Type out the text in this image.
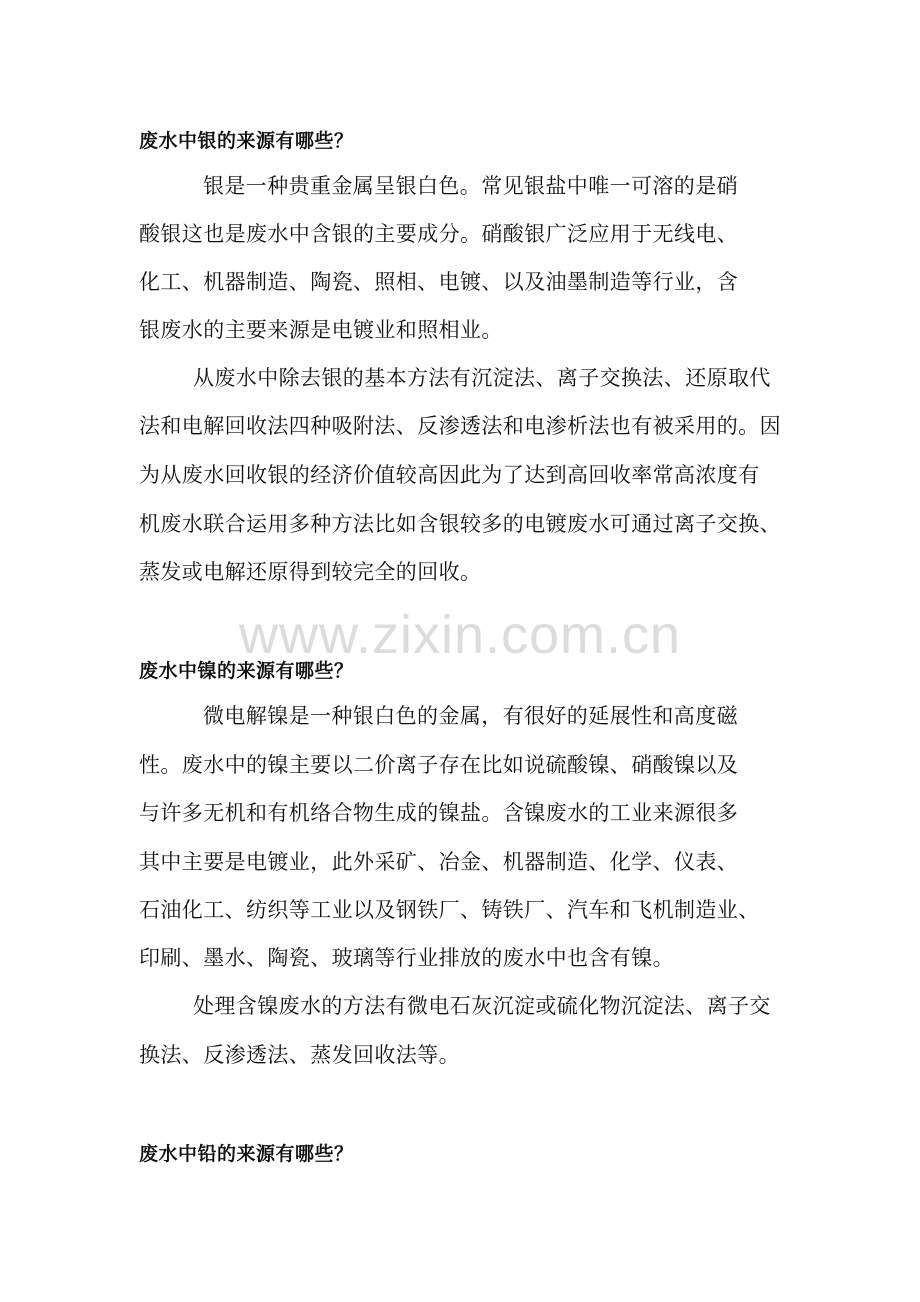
www.zixin.com.cn
废水中银的来源有哪些？
银是一种贵重金属呈银白色。常见银盐中唯一可溶的是硝
酸银这也是废水中含银的主要成分。硝酸银广泛应用于无线电、
化工、机器制造、陶瓷、照相、电镀、以及油墨制造等行业，含
银废水的主要来源是电镀业和照相业。
从废水中除去银的基本方法有沉淀法、离子交换法、还原取代
法和电解回收法四种吸附法、反渗透法和电渗析法也有被采用的。因
为从废水回收银的经济价值较高因此为了达到高回收率常高浓度有
机废水联合运用多种方法比如含银较多的电镀废水可通过离子交换、
蒸发或电解还原得到较完全的回收。
废水中镍的来源有哪些？
微电解镍是一种银白色的金属，有很好的延展性和高度磁
性。废水中的镍主要以二价离子存在比如说硫酸镍、硝酸镍以及
与许多无机和有机络合物生成的镍盐。含镍废水的工业来源很多
其中主要是电镀业，此外采矿、冶金、机器制造、化学、仪表、
石油化工、纺织等工业以及钢铁厂、铸铁厂、汽车和飞机制造业、
印刷、墨水、陶瓷、玻璃等行业排放的废水中也含有镍。
处理含镍废水的方法有微电石灰沉淀或硫化物沉淀法、离子交
换法、反渗透法、蒸发回收法等。
废水中铅的来源有哪些？
